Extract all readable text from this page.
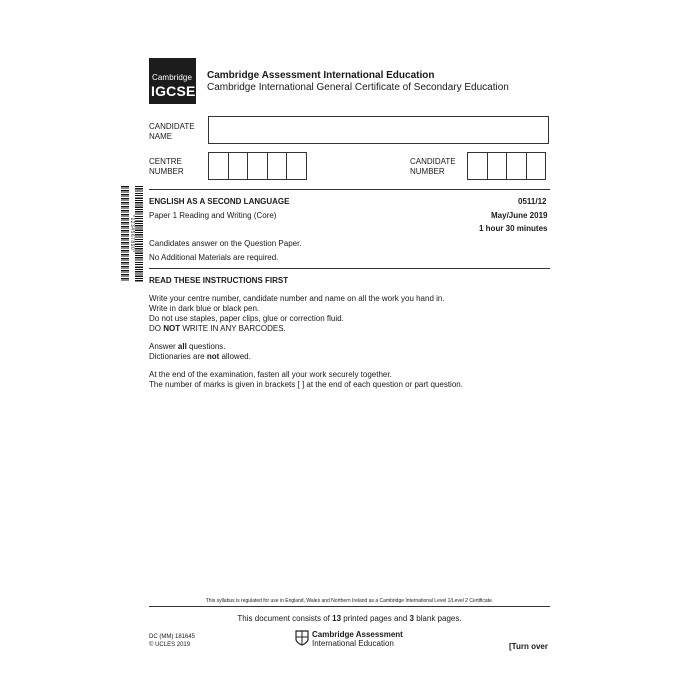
Cambridge
IGCSE
Cambridge Assessment International Education
Cambridge International General Certificate of Secondary Education
CANDIDATE
NAME
CENTRE
NUMBER
CANDIDATE
NUMBER
*1234567890*
ENGLISH AS A SECOND LANGUAGE	0511/12
Paper 1 Reading and Writing (Core)	May/June 2019
1 hour 30 minutes
Candidates answer on the Question Paper.
No Additional Materials are required.
READ THESE INSTRUCTIONS FIRST
Write your centre number, candidate number and name on all the work you hand in.
Write in dark blue or black pen.
Do not use staples, paper clips, glue or correction fluid.
DO NOT WRITE IN ANY BARCODES.
Answer all questions.
Dictionaries are not allowed.
At the end of the examination, fasten all your work securely together.
The number of marks is given in brackets [ ] at the end of each question or part question.
This syllabus is regulated for use in England, Wales and Northern Ireland as a Cambridge International Level 1/Level 2 Certificate.
This document consists of 13 printed pages and 3 blank pages.
DC (MM) 181645
© UCLES 2019
Cambridge Assessment
International Education	[Turn over
